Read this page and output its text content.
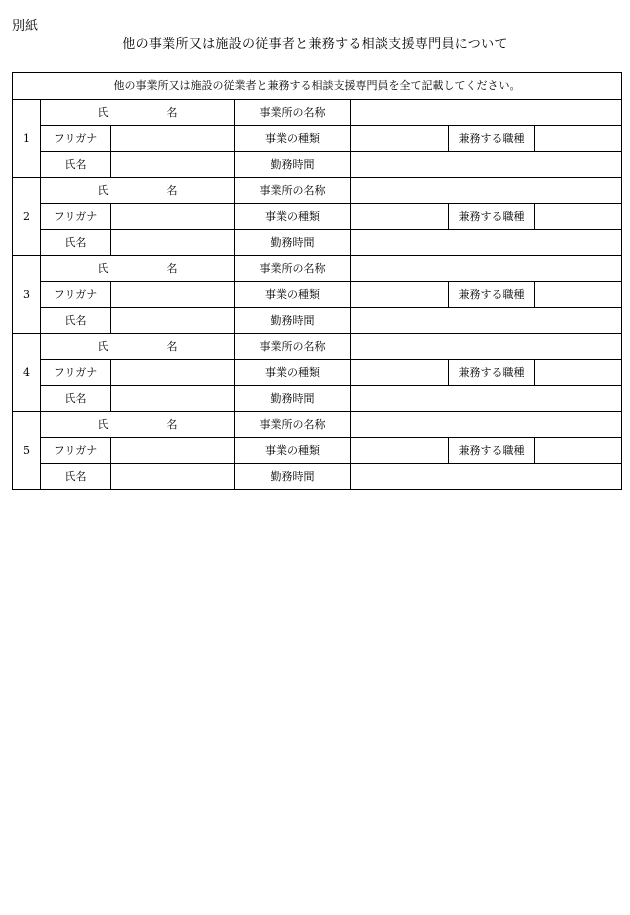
別紙
他の事業所又は施設の従事者と兼務する相談支援専門員について
他の事業所又は施設の従業者と兼務する相談支援専門員を全て記載してください。						
1	氏 名		事業所の名称			
	フリガナ		事業の種類		兼務する職種	
	氏名		勤務時間			
2	氏 名		事業所の名称			
	フリガナ		事業の種類		兼務する職種	
	氏名		勤務時間			
3	氏 名		事業所の名称			
	フリガナ		事業の種類		兼務する職種	
	氏名		勤務時間			
4	氏 名		事業所の名称			
	フリガナ		事業の種類		兼務する職種	
	氏名		勤務時間			
5	氏 名		事業所の名称			
	フリガナ		事業の種類		兼務する職種	
	氏名		勤務時間			
